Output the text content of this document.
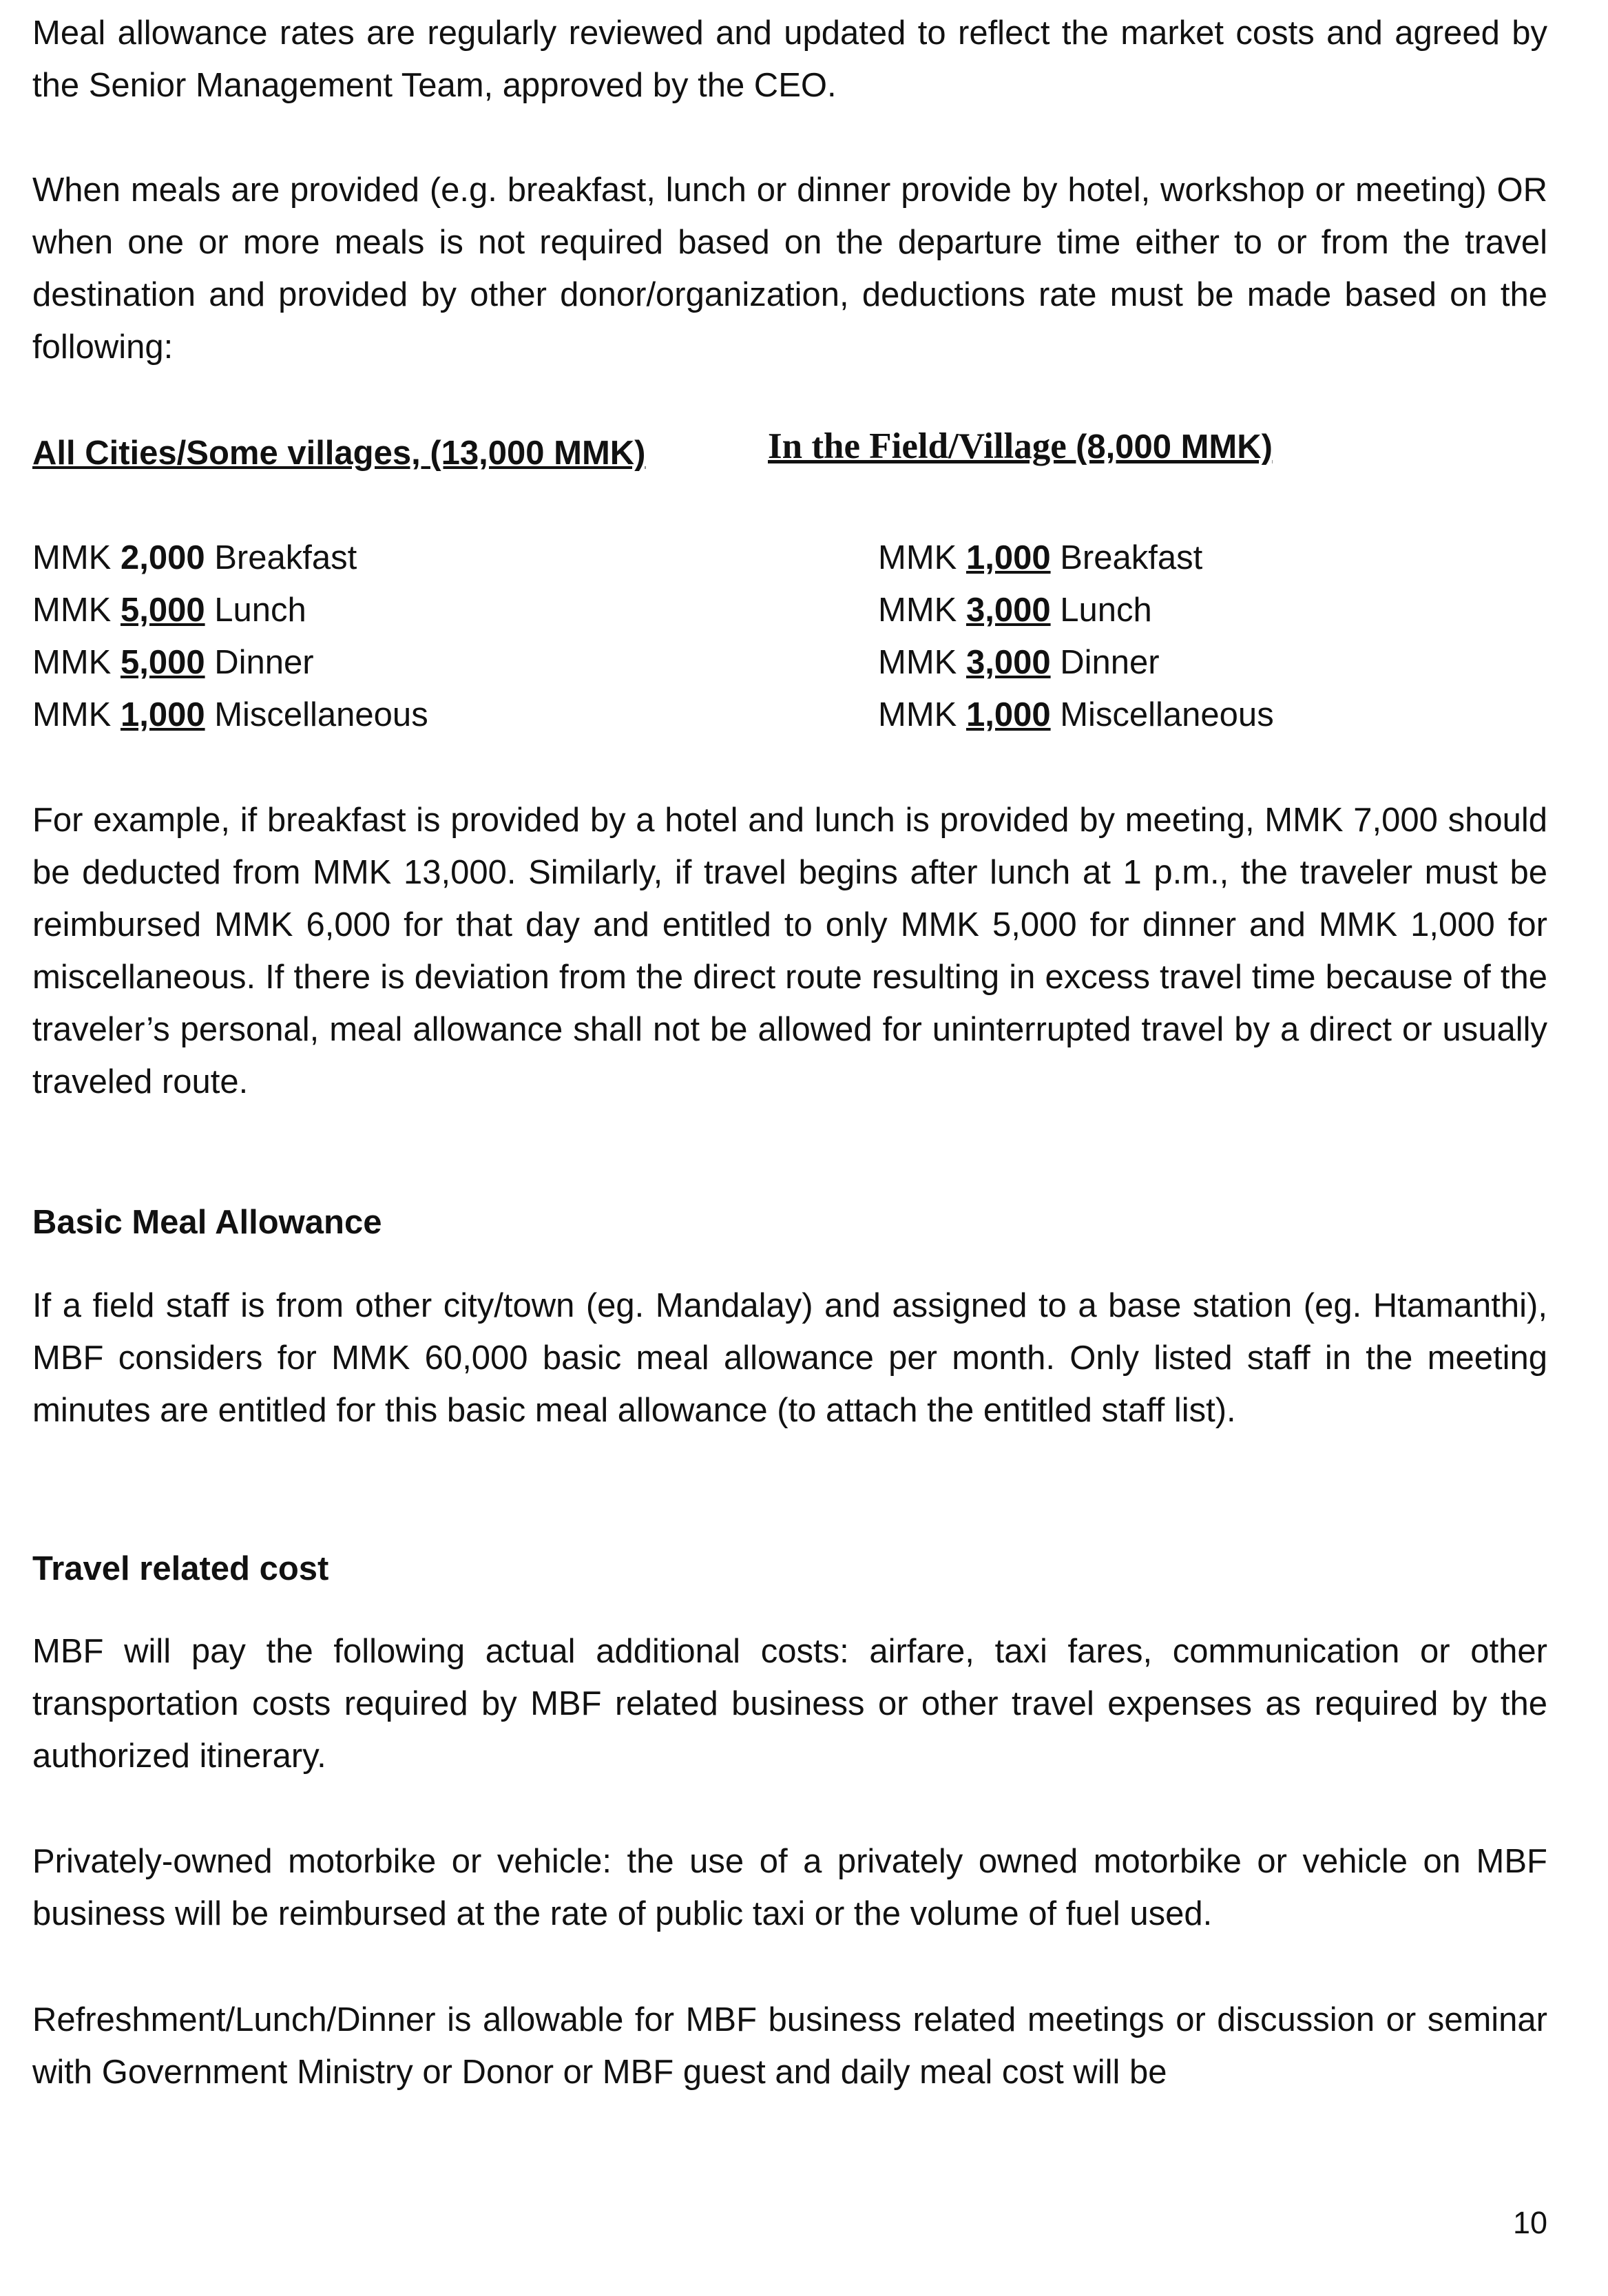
Meal allowance rates are regularly reviewed and updated to reflect the market costs and agreed by the Senior Management Team, approved by the CEO.

When meals are provided (e.g. breakfast, lunch or dinner provide by hotel, workshop or meeting) OR when one or more meals is not required based on the departure time either to or from the travel destination and provided by other donor/organization, deductions rate must be made based on the following:

All Cities/Some villages, (13,000 MMK)	In the Field/Village (8,000 MMK)
MMK 2,000 Breakfast
MMK 5,000 Lunch
MMK 5,000 Dinner
MMK 1,000 Miscellaneous
MMK 1,000 Breakfast
MMK 3,000 Lunch
MMK 3,000 Dinner
MMK 1,000 Miscellaneous

For example, if breakfast is provided by a hotel and lunch is provided by meeting, MMK 7,000 should be deducted from MMK 13,000. Similarly, if travel begins after lunch at 1 p.m., the traveler must be reimbursed MMK 6,000 for that day and entitled to only MMK 5,000 for dinner and MMK 1,000 for miscellaneous. If there is deviation from the direct route resulting in excess travel time because of the traveler’s personal, meal allowance shall not be allowed for uninterrupted travel by a direct or usually traveled route.

Basic Meal Allowance

If a field staff is from other city/town (eg. Mandalay) and assigned to a base station (eg. Htamanthi), MBF considers for MMK 60,000 basic meal allowance per month. Only listed staff in the meeting minutes are entitled for this basic meal allowance (to attach the entitled staff list).

Travel related cost

MBF will pay the following actual additional costs: airfare, taxi fares, communication or other transportation costs required by MBF related business or other travel expenses as required by the authorized itinerary.

Privately-owned motorbike or vehicle: the use of a privately owned motorbike or vehicle on MBF business will be reimbursed at the rate of public taxi or the volume of fuel used.

Refreshment/Lunch/Dinner is allowable for MBF business related meetings or discussion or seminar with Government Ministry or Donor or MBF guest and daily meal cost will be

10
